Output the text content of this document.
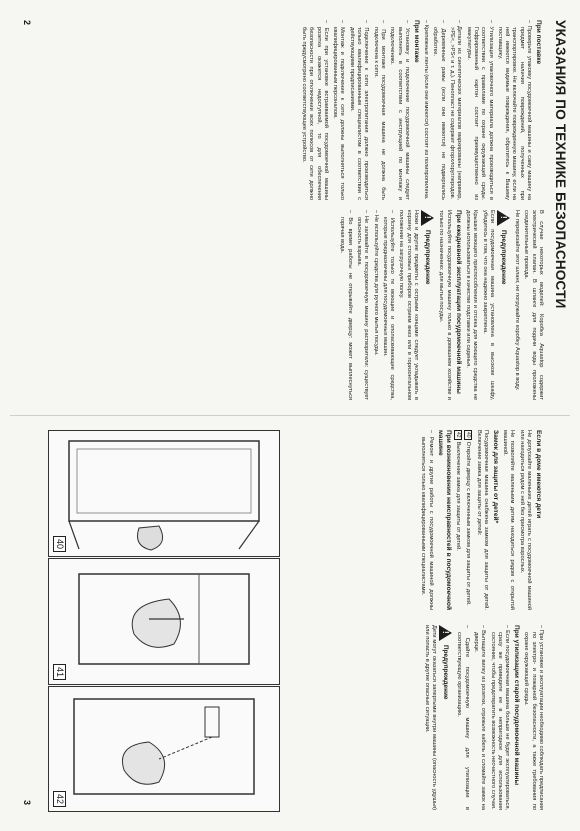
УКАЗАНИЯ ПО ТЕХНИКЕ БЕЗОПАСНОСТИ
При поставке

– Проверьте упаковку посудомоечной машины и саму машину на предмет наличия повреждений, полученных при транспортировке. Не включайте поврежденную машину, если на ней имеются видимые повреждения, обратитесь к Вашему поставщику.

– Утилизация упаковочного материала должна производиться в соответствии с правилами по охране окружающей среды. Гофрированный картон состоит преимущественно из макулатуры.

– Детали из синтетических материалов маркированы (например, >PE<, >PS< и т. д.). Пенопласт не содержит фторхлоруглеродов.

– Деревянные рамы (если они имеются) не подвергались обработке.

– Крепежные ленты (если они имеются) состоят из полипропилена.

При монтаже

– Установку и подключение посудомоечной машины следует выполнять в соответствии с инструкцией по монтажу и подключению.

– При монтаже посудомоечная машина не должна быть подключена к сети.

– Подключение к сети электропитания должно производиться только квалифицированным специалистом в соответствии с действующими предписаниями.

– Монтаж и подключение к сети должны выполняться только квалифицированным персоналом.

– Если при установке встраиваемой посудомоечной машины розетка окажется недоступной, то для обеспечения безопасности при отключении всех полюсов от сети должно быть предусмотрено соответствующее устройство.

В случае некоторых моделей: Коробка Aquastop содержит электрический клапан. В шланге для подачи воды проложены соединительные провода.

Не перерезайте этот шланг, не погружайте коробку Aquastop в воду.

!
Предупреждение

Если посудомоечная машина установлена в высоком шкафу, убедитесь в том, что она надежно закреплена.

Крышки моющего приспособления и отсека для моющего средства не должны использоваться в качестве подставки или сиденья.

При ежедневной эксплуатации посудомоечной машины

Используйте посудомоечную машину только в домашнем хозяйстве и только по назначению: для мытья посуды.

!
Предупреждение

Ножи и другие предметы с острыми концами следует укладывать в корзину для столовых приборов острием вниз или в горизонтальном положении на загрузочную полку.

– Используйте только те моющие и ополаскивающие средства, которые предназначены для посудомоечных машин.

– Не используйте средства для ручного мытья посуды.

– Не заливайте в посудомоечную машину растворители: существует опасность взрыва.

– Во время работы не открывайте дверцу: может выплеснуться горячая вода.

Если в доме имеются дети

Не допускайте маленьких детей играть с посудомоечной машиной или находиться рядом с ней без присмотра взрослых.

Не позволяйте маленьким детям находиться рядом с открытой машиной.

Замок для защиты от детей*

Посудомоечная машина снабжена замком для защиты от детей. Включение замка для защиты от детей:

40Откройте дверцу с включенным замком для защиты от детей.

42Выключение замка для защиты от детей.

При возникновении неисправностей в посудомоечной машине

– Ремонт и другие работы с посудомоечной машиной должны выполняться только квалифицированными специалистами.

– При установке и эксплуатации необходимо соблюдать предписания по электро- и пожарной безопасности, а также требования по охране окружающей среды.

При утилизации старой посудомоечной машины

– Если посудомоечная машина больше не будет эксплуатироваться, сразу же приведите ее в непригодное для использования состояние, чтобы предотвратить возможность несчастного случая.

– Вытащите вилку из розетки, отрежьте кабель и сломайте замок на дверце.

– Сдайте посудомоечную машину для утилизации в соответствующую организацию.

!
Предупреждение

Дети могут оказаться запертыми внутри машины (опасность удушья) или попасть в другие опасные ситуации.

40
41
42
2
3
